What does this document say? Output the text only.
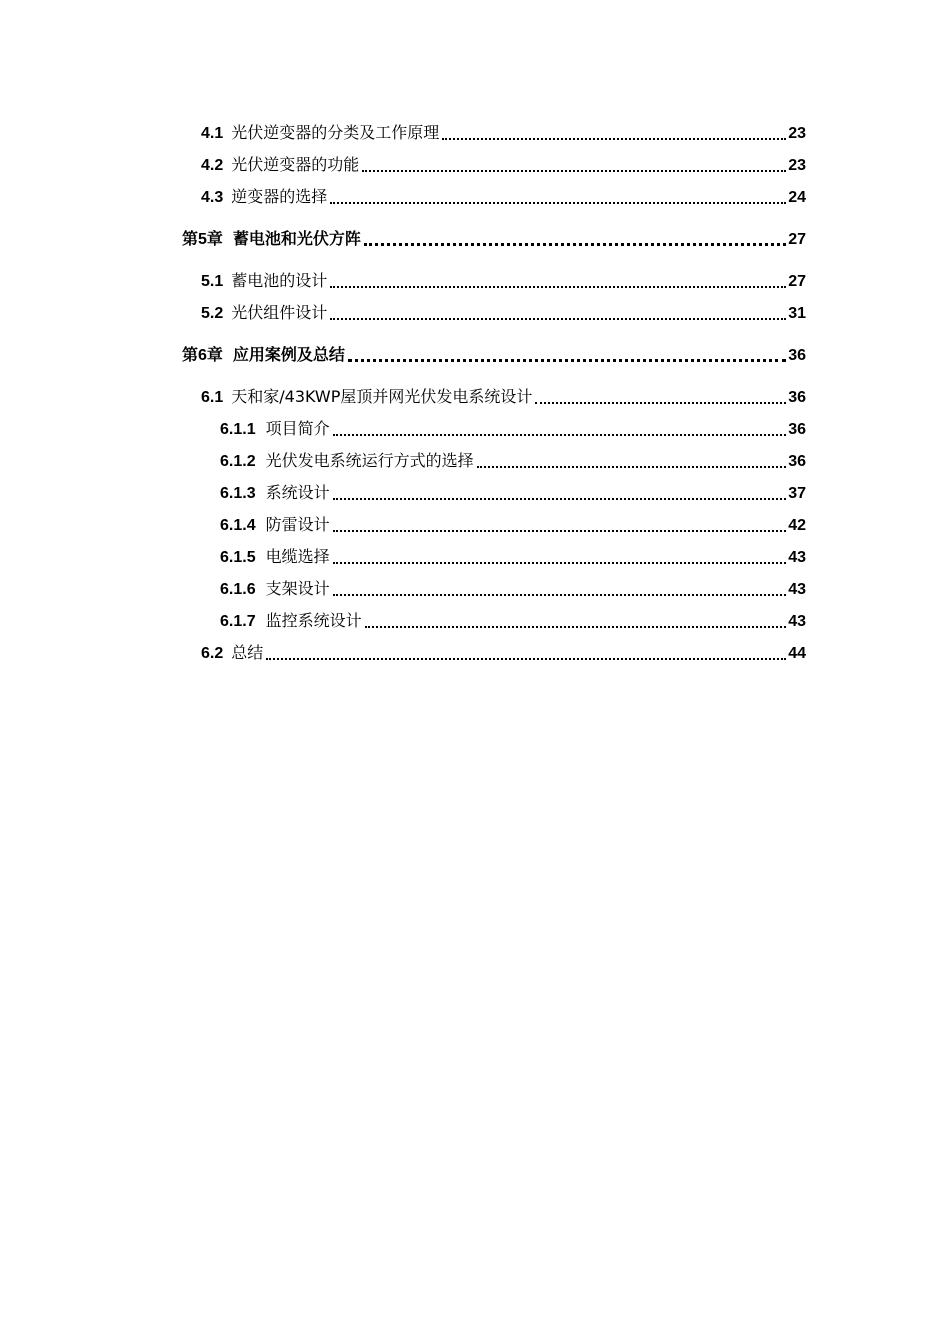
4.1 光伏逆变器的分类及工作原理	23
4.2 光伏逆变器的功能	23
4.3 逆变器的选择	24
第5章 蓄电池和光伏方阵	27
5.1 蓄电池的设计	27
5.2 光伏组件设计	31
第6章 应用案例及总结	36
6.1 天和家/43KWP屋顶并网光伏发电系统设计	36
6.1.1 项目简介	36
6.1.2 光伏发电系统运行方式的选择	36
6.1.3 系统设计	37
6.1.4 防雷设计	42
6.1.5 电缆选择	43
6.1.6 支架设计	43
6.1.7 监控系统设计	43
6.2 总结	44
